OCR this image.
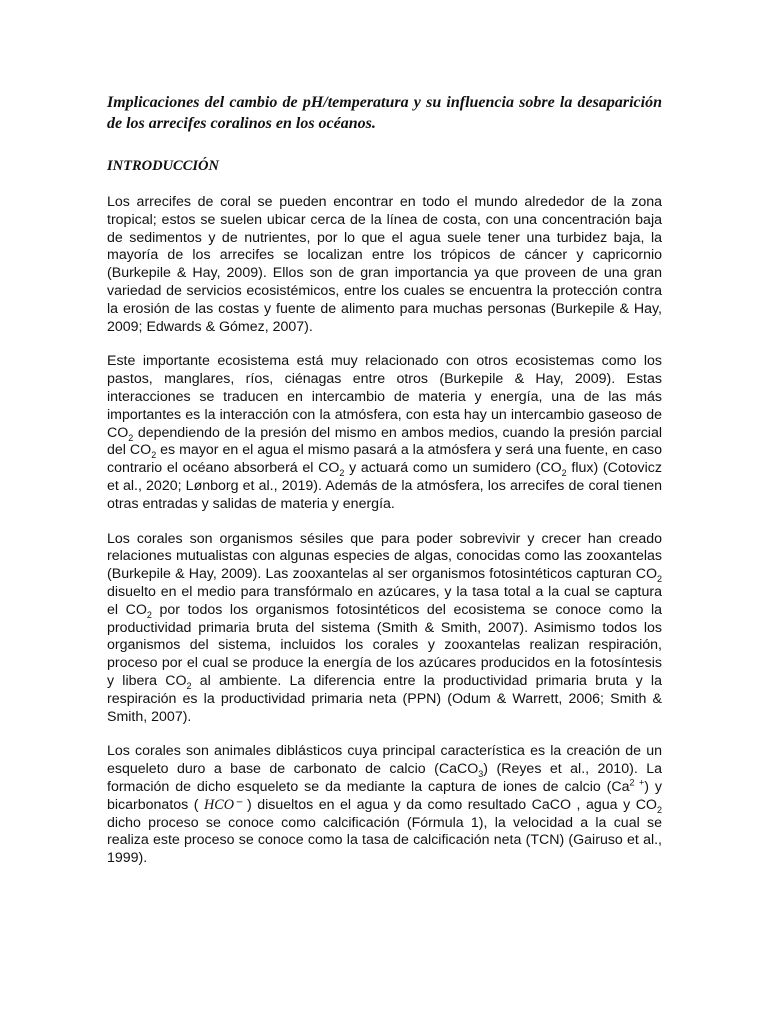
Implicaciones del cambio de pH/temperatura y su influencia sobre la desaparición de los arrecifes coralinos en los océanos.

INTRODUCCIÓN

Los arrecifes de coral se pueden encontrar en todo el mundo alrededor de la zona tropical; estos se suelen ubicar cerca de la línea de costa, con una concentración baja de sedimentos y de nutrientes, por lo que el agua suele tener una turbidez baja, la mayoría de los arrecifes se localizan entre los trópicos de cáncer y capricornio (Burkepile & Hay, 2009). Ellos son de gran importancia ya que proveen de una gran variedad de servicios ecosistémicos, entre los cuales se encuentra la protección contra la erosión de las costas y fuente de alimento para muchas personas (Burkepile & Hay, 2009; Edwards & Gómez, 2007).

Este importante ecosistema está muy relacionado con otros ecosistemas como los pastos, manglares, ríos, ciénagas entre otros (Burkepile & Hay, 2009). Estas interacciones se traducen en intercambio de materia y energía, una de las más importantes es la interacción con la atmósfera, con esta hay un intercambio gaseoso de $CO_2$ dependiendo de la presión del mismo en ambos medios, cuando la presión parcial del $CO_2$ es mayor en el agua el mismo pasará a la atmósfera y será una fuente, en caso contrario el océano absorberá el $CO_2$ y actuará como un sumidero ($CO_2$ flux) (Cotovicz et al., 2020; Lønborg et al., 2019). Además de la atmósfera, los arrecifes de coral tienen otras entradas y salidas de materia y energía.

Los corales son organismos sésiles que para poder sobrevivir y crecer han creado relaciones mutualistas con algunas especies de algas, conocidas como las zooxantelas (Burkepile & Hay, 2009). Las zooxantelas al ser organismos fotosintéticos capturan $CO_2$ disuelto en el medio para transfórmalo en azúcares, y la tasa total a la cual se captura el $CO_2$ por todos los organismos fotosintéticos del ecosistema se conoce como la productividad primaria bruta del sistema (Smith & Smith, 2007). Asimismo todos los organismos del sistema, incluidos los corales y zooxantelas realizan respiración, proceso por el cual se produce la energía de los azúcares producidos en la fotosíntesis y libera $CO_2$ al ambiente. La diferencia entre la productividad primaria bruta y la respiración es la productividad primaria neta (PPN) (Odum & Warrett, 2006; Smith & Smith, 2007).

Los corales son animales diblásticos cuya principal característica es la creación de un esqueleto duro a base de carbonato de calcio (CaCO$_3$) (Reyes et al., 2010). La formación de dicho esqueleto se da mediante la captura de iones de calcio $(Ca^{2 +})$ y bicarbonatos ( HCO⁻ ) disueltos en el agua y da como resultado CaCO , agua y $CO_2$ dicho proceso se conoce como calcificación (Fórmula 1), la velocidad a la cual se realiza este proceso se conoce como la tasa de calcificación neta (TCN) (Gairuso et al., 1999).
